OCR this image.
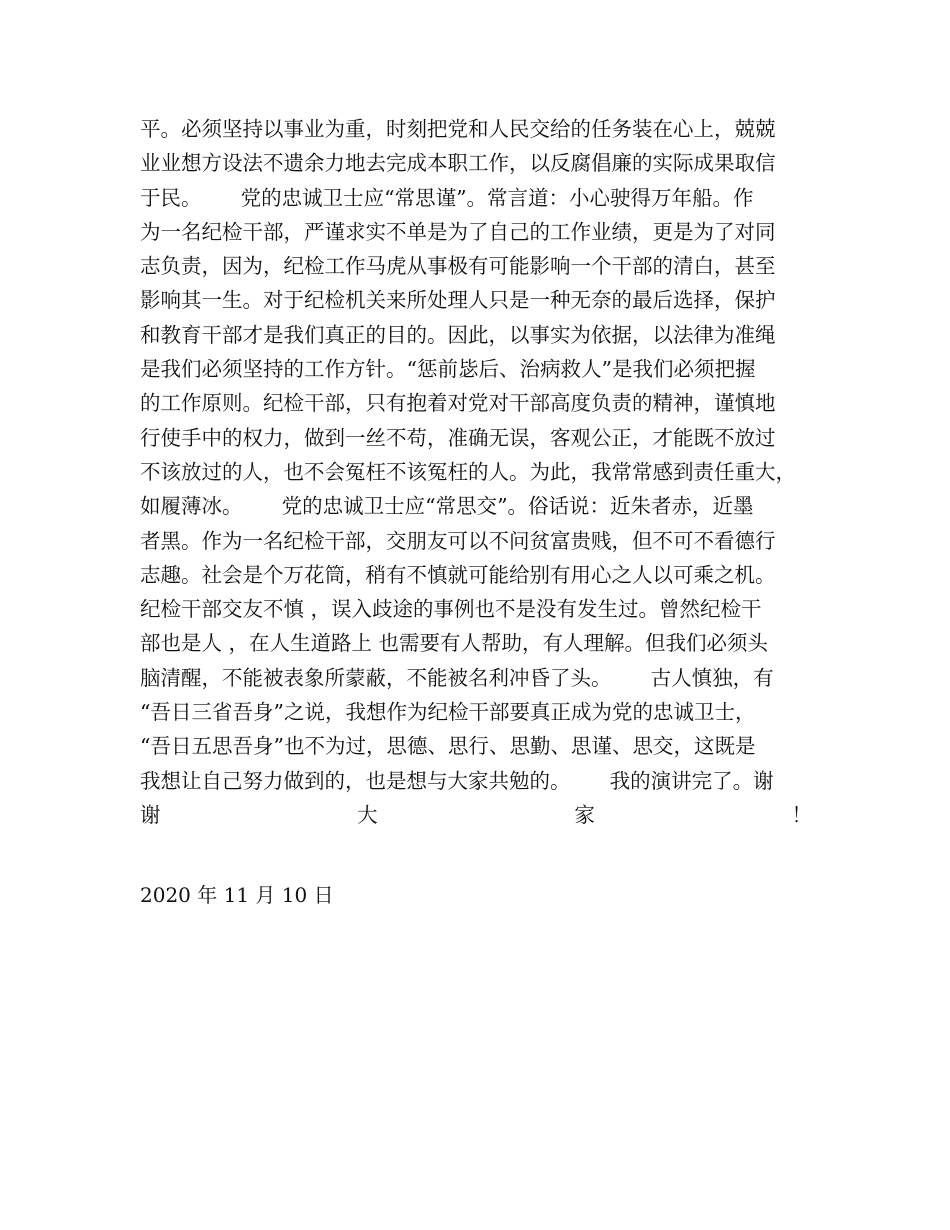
平。必须坚持以事业为重，时刻把党和人民交给的任务装在心上，兢兢
业业想方设法不遗余力地去完成本职工作，以反腐倡廉的实际成果取信
于民。      党的忠诚卫士应“常思谨”。常言道：小心驶得万年船。作
为一名纪检干部，严谨求实不单是为了自己的工作业绩，更是为了对同
志负责，因为，纪检工作马虎从事极有可能影响一个干部的清白，甚至
影响其一生。对于纪检机关来所处理人只是一种无奈的最后选择，保护
和教育干部才是我们真正的目的。因此，以事实为依据，以法律为准绳
是我们必须坚持的工作方针。“惩前毖后、治病救人”是我们必须把握
的工作原则。纪检干部，只有抱着对党对干部高度负责的精神，谨慎地
行使手中的权力，做到一丝不苟，准确无误，客观公正，才能既不放过
不该放过的人，也不会冤枉不该冤枉的人。为此，我常常感到责任重大，
如履薄冰。      党的忠诚卫士应“常思交”。俗话说：近朱者赤，近墨
者黑。作为一名纪检干部，交朋友可以不问贫富贵贱，但不可不看德行
志趣。社会是个万花筒，稍有不慎就可能给别有用心之人以可乘之机。
纪检干部交友不慎 ，误入歧途的事例也不是没有发生过。曾然纪检干
部也是人 ，在人生道路上 也需要有人帮助，有人理解。但我们必须头
脑清醒，不能被表象所蒙蔽，不能被名利冲昏了头。      古人慎独，有
“吾日三省吾身”之说，我想作为纪检干部要真正成为党的忠诚卫士，
“吾日五思吾身”也不为过，思德、思行、思勤、思谨、思交，这既是
我想让自己努力做到的，也是想与大家共勉的。      我的演讲完了。谢
谢	大	家	！
2020 年 11 月 10 日
